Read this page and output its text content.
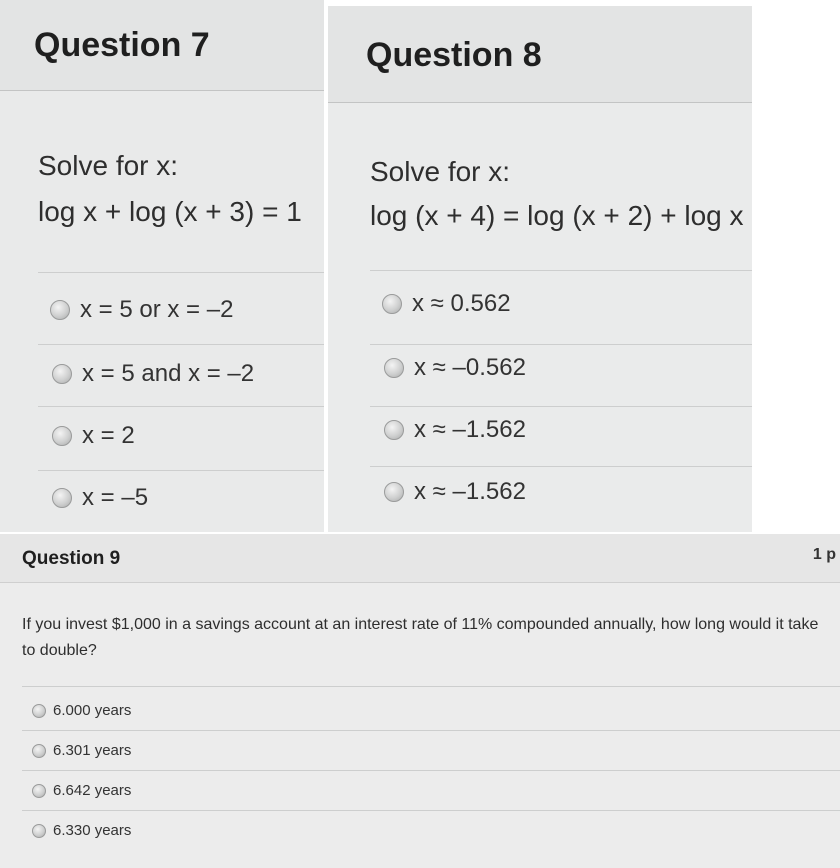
Question 7
Solve for x:
log x + log (x + 3) = 1
x = 5 or x = –2
x = 5 and x = –2
x = 2
x = –5
Question 8
Solve for x:
log (x + 4) = log (x + 2) + log x
x ≈ 0.562
x ≈ –0.562
x ≈ –1.562
x ≈ –1.562
Question 9	1 p
If you invest $1,000 in a savings account at an interest rate of 11% compounded annually, how long would it take to double?
6.000 years
6.301 years
6.642 years
6.330 years
